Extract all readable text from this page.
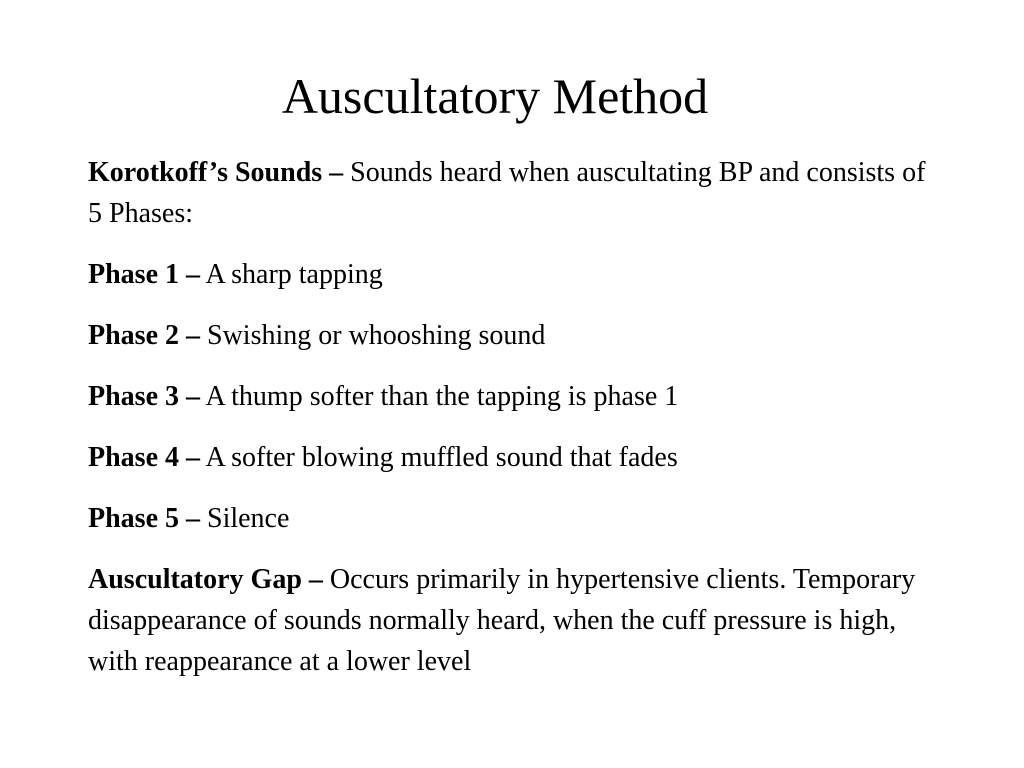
Auscultatory Method

Korotkoff’s Sounds – Sounds heard when auscultating BP and consists of 5 Phases:

Phase 1 – A sharp tapping

Phase 2 – Swishing or whooshing sound

Phase 3 – A thump softer than the tapping is phase 1

Phase 4 – A softer blowing muffled sound that fades

Phase 5 – Silence

Auscultatory Gap – Occurs primarily in hypertensive clients. Temporary disappearance of sounds normally heard, when the cuff pressure is high, with reappearance at a lower level
